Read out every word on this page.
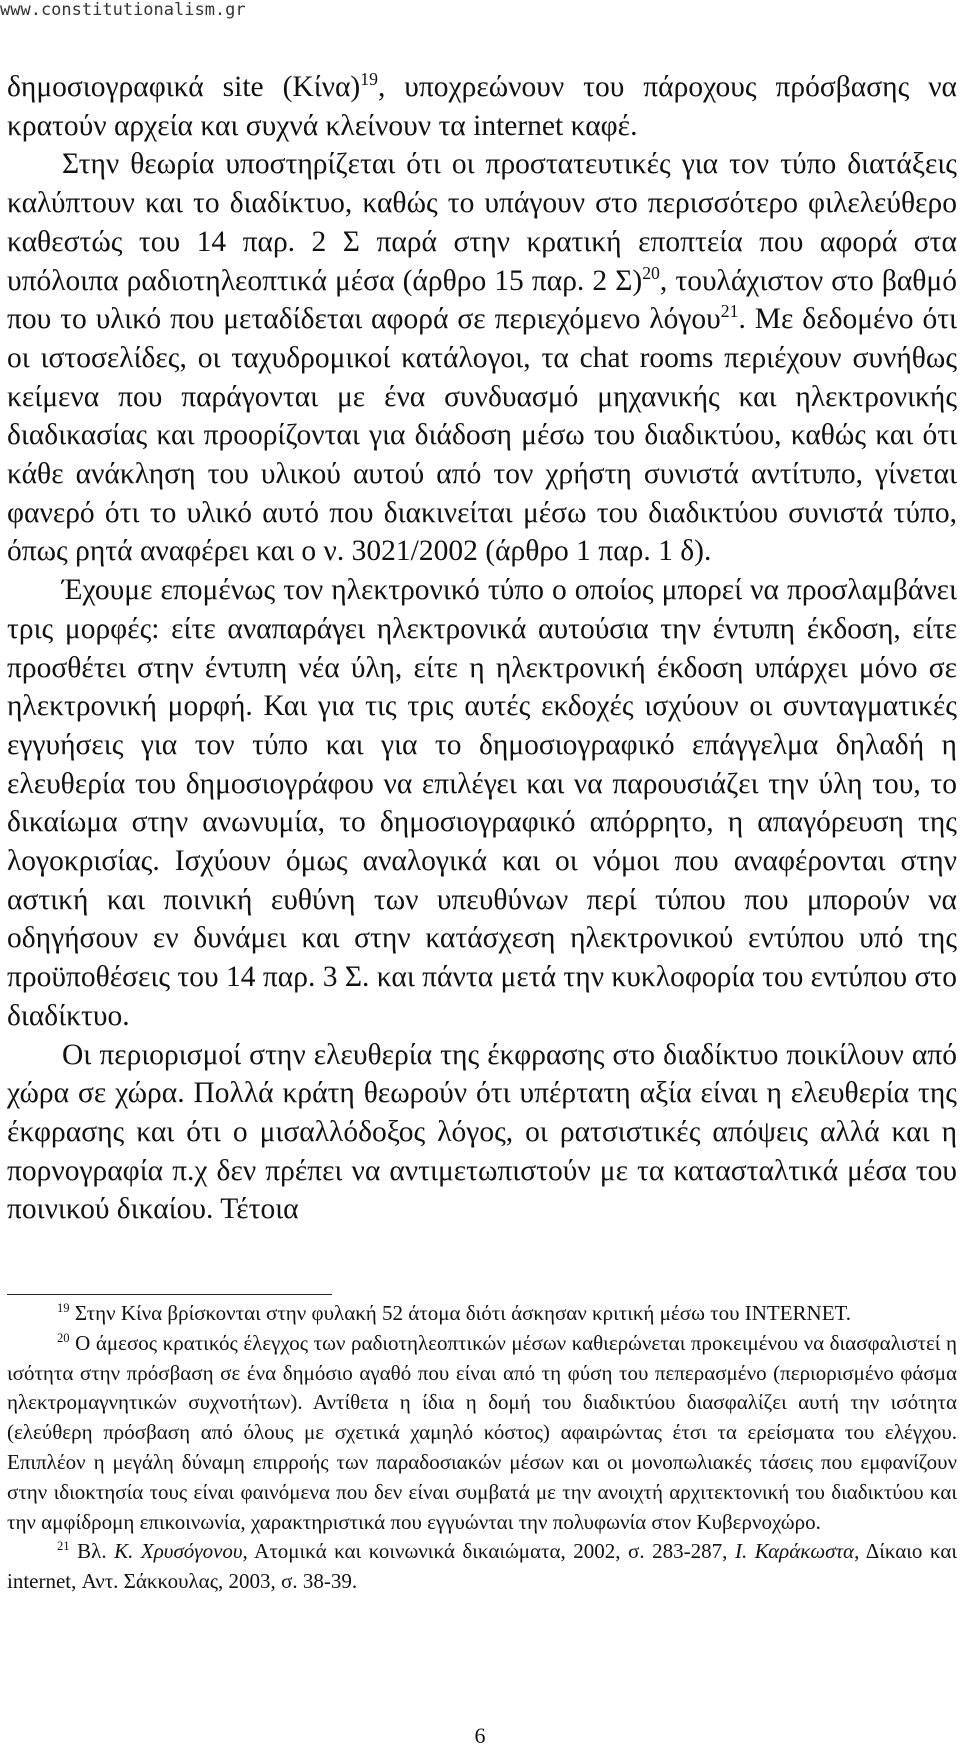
www.constitutionalism.gr

δημοσιογραφικά site $(Kί\nu\alpha)^{19}$, υποχρεώνουν του πάροχους πρόσβασης να κρατούν αρχεία και συχνά κλείνουν τα internet καφέ.

Στην θεωρία υποστηρίζεται ότι οι προστατευτικές για τον τύπο διατάξεις καλύπτουν και το διαδίκτυο, καθώς το υπάγουν στο περισσότερο φιλελεύθερο καθεστώς του 14 παρ. 2 Σ παρά στην κρατική εποπτεία που αφορά στα υπόλοιπα ραδιοτηλεοπτικά μέσα (άρθρο 15 παρ. 2 Σ)$^{20}$, τουλάχιστον στο βαθμό που το υλικό που μεταδίδεται αφορά σε περιεχόμενο λόγου$^{21}$. Με δεδομένο ότι οι ιστοσελίδες, οι ταχυδρομικοί κατάλογοι, τα chat rooms περιέχουν συνήθως κείμενα που παράγονται με ένα συνδυασμό μηχανικής και ηλεκτρονικής διαδικασίας και προορίζονται για διάδοση μέσω του διαδικτύου, καθώς και ότι κάθε ανάκληση του υλικού αυτού από τον χρήστη συνιστά αντίτυπο, γίνεται φανερό ότι το υλικό αυτό που διακινείται μέσω του διαδικτύου συνιστά τύπο, όπως ρητά αναφέρει και ο ν. 3021/2002 (άρθρο 1 παρ. 1 δ).

Έχουμε επομένως τον ηλεκτρονικό τύπο ο οποίος μπορεί να προσλαμβάνει τρις μορφές: είτε αναπαράγει ηλεκτρονικά αυτούσια την έντυπη έκδοση, είτε προσθέτει στην έντυπη νέα ύλη, είτε η ηλεκτρονική έκδοση υπάρχει μόνο σε ηλεκτρονική μορφή. Και για τις τρις αυτές εκδοχές ισχύουν οι συνταγματικές εγγυήσεις για τον τύπο και για το δημοσιογραφικό επάγγελμα δηλαδή η ελευθερία του δημοσιογράφου να επιλέγει και να παρουσιάζει την ύλη του, το δικαίωμα στην ανωνυμία, το δημοσιογραφικό απόρρητο, η απαγόρευση της λογοκρισίας. Ισχύουν όμως αναλογικά και οι νόμοι που αναφέρονται στην αστική και ποινική ευθύνη των υπευθύνων περί τύπου που μπορούν να οδηγήσουν εν δυνάμει και στην κατάσχεση ηλεκτρονικού εντύπου υπό της προϋποθέσεις του 14 παρ. 3 Σ. και πάντα μετά την κυκλοφορία του εντύπου στο διαδίκτυο.

Οι περιορισμοί στην ελευθερία της έκφρασης στο διαδίκτυο ποικίλουν από χώρα σε χώρα. Πολλά κράτη θεωρούν ότι υπέρτατη αξία είναι η ελευθερία της έκφρασης και ότι ο μισαλλόδοξος λόγος, οι ρατσιστικές απόψεις αλλά και η πορνογραφία π.χ δεν πρέπει να αντιμετωπιστούν με τα κατασταλτικά μέσα του ποινικού δικαίου. Τέτοια

$^{19}$ Στην Κίνα βρίσκονται στην φυλακή 52 άτομα διότι άσκησαν κριτική μέσω του INTERNET.

$^{20}$ Ο άμεσος κρατικός έλεγχος των ραδιοτηλεοπτικών μέσων καθιερώνεται προκειμένου να διασφαλιστεί η ισότητα στην πρόσβαση σε ένα δημόσιο αγαθό που είναι από τη φύση του πεπερασμένο (περιορισμένο φάσμα ηλεκτρομαγνητικών συχνοτήτων). Αντίθετα η ίδια η δομή του διαδικτύου διασφαλίζει αυτή την ισότητα (ελεύθερη πρόσβαση από όλους με σχετικά χαμηλό κόστος) αφαιρώντας έτσι τα ερείσματα του ελέγχου. Επιπλέον η μεγάλη δύναμη επιρροής των παραδοσιακών μέσων και οι μονοπωλιακές τάσεις που εμφανίζουν στην ιδιοκτησία τους είναι φαινόμενα που δεν είναι συμβατά με την ανοιχτή αρχιτεκτονική του διαδικτύου και την αμφίδρομη επικοινωνία, χαρακτηριστικά που εγγυώνται την πολυφωνία στον Κυβερνοχώρο.

$^{21}$ Βλ. Κ. Χρυσόγονου, Ατομικά και κοινωνικά δικαιώματα, 2002, σ. 283-287, Ι. Καράκωστα, Δίκαιο και internet, Αντ. Σάκκουλας, 2003, σ. 38-39.

6
